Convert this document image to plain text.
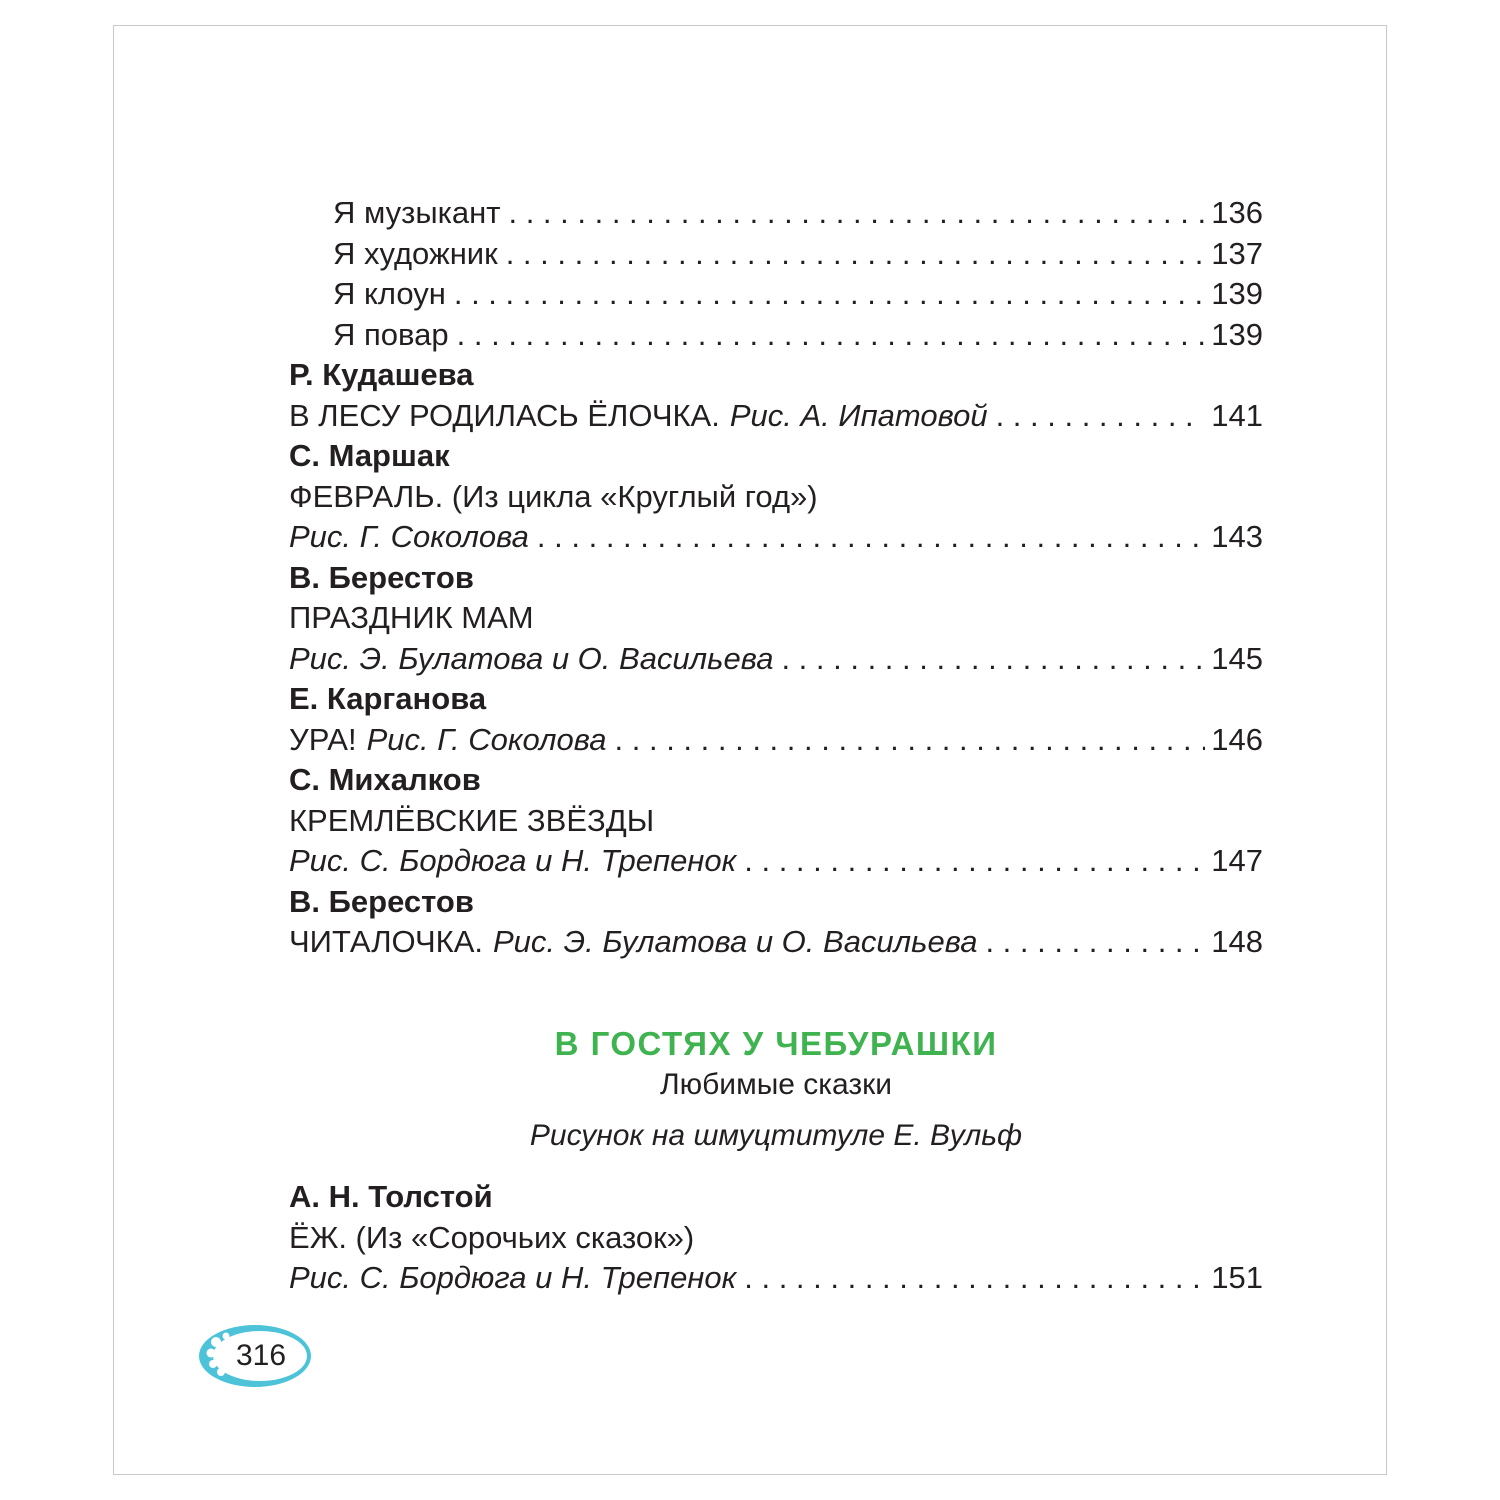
Я музыкант . . .	136
Я художник . . .	137
Я клоун . . .	139
Я повар . . .	139
Р. Кудашева
В ЛЕСУ РОДИЛАСЬ ЁЛОЧКА. Рис. А. Ипатовой . . .	141
С. Маршак
ФЕВРАЛЬ. (Из цикла «Круглый год»)
Рис. Г. Соколова . . .	143
В. Берестов
ПРАЗДНИК МАМ
Рис. Э. Булатова и О. Васильева . . .	145
Е. Карганова
УРА! Рис. Г. Соколова . . .	146
С. Михалков
КРЕМЛЁВСКИЕ ЗВЁЗДЫ
Рис. С. Бордюга и Н. Трепенок . . .	147
В. Берестов
ЧИТАЛОЧКА. Рис. Э. Булатова и О. Васильева . . .	148
В ГОСТЯХ У ЧЕБУРАШКИ
Любимые сказки
Рисунок на шмуцтитуле Е. Вульф
А. Н. Толстой
ЁЖ. (Из «Сорочьих сказок»)
Рис. С. Бордюга и Н. Трепенок . . .	151
316
